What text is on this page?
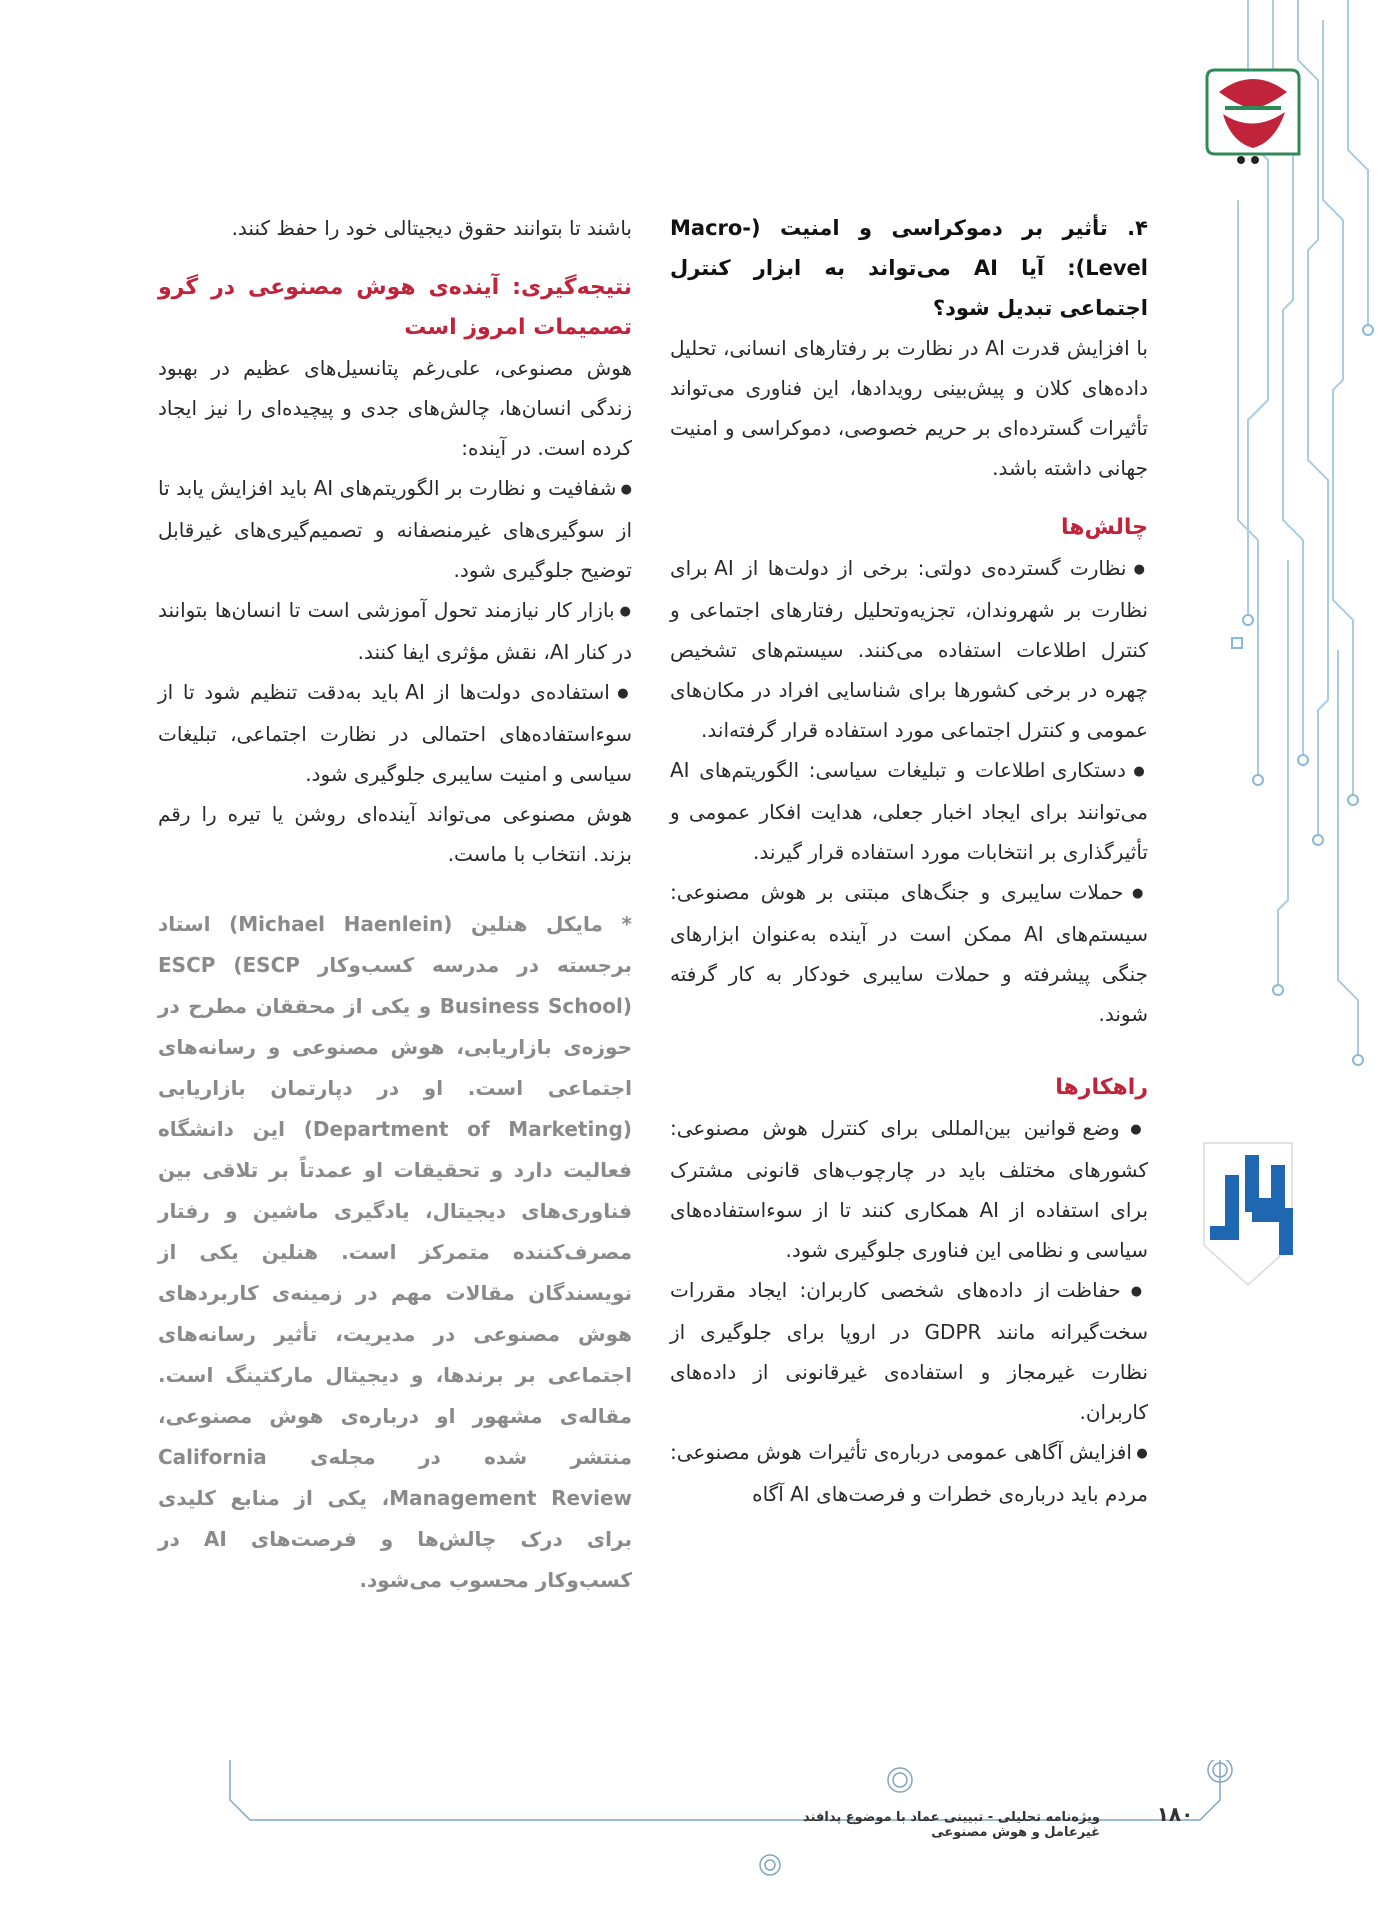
۴. تأثیر بر دموکراسی و امنیت (Macro-Level): آیا AI می‌تواند به ابزار کنترل اجتماعی تبدیل شود؟

با افزایش قدرت AI در نظارت بر رفتارهای انسانی، تحلیل داده‌های کلان و پیش‌بینی رویدادها، این فناوری می‌تواند تأثیرات گسترده‌ای بر حریم خصوصی، دموکراسی و امنیت جهانی داشته باشد.

چالش‌ها

● نظارت گسترده‌ی دولتی: برخی از دولت‌ها از AI برای نظارت بر شهروندان، تجزیه‌و‌تحلیل رفتارهای اجتماعی و کنترل اطلاعات استفاده می‌کنند. سیستم‌های تشخیص چهره در برخی کشورها برای شناسایی افراد در مکان‌های عمومی و کنترل اجتماعی مورد استفاده قرار گرفته‌اند.

● دستکاری اطلاعات و تبلیغات سیاسی: الگوریتم‌های AI می‌توانند برای ایجاد اخبار جعلی، هدایت افکار عمومی و تأثیرگذاری بر انتخابات مورد استفاده قرار گیرند.

● حملات سایبری و جنگ‌های مبتنی بر هوش مصنوعی: سیستم‌های AI ممکن است در آینده به‌عنوان ابزارهای جنگی پیشرفته و حملات سایبری خودکار به کار گرفته شوند.

راهکارها

● وضع قوانین بین‌المللی برای کنترل هوش مصنوعی: کشورهای مختلف باید در چارچوب‌های قانونی مشترک برای استفاده از AI همکاری کنند تا از سوءاستفاده‌های سیاسی و نظامی این فناوری جلوگیری شود.

● حفاظت از داده‌های شخصی کاربران: ایجاد مقررات سخت‌گیرانه مانند GDPR در اروپا برای جلوگیری از نظارت غیرمجاز و استفاده‌ی غیرقانونی از داده‌های کاربران.

● افزایش آگاهی عمومی درباره‌ی تأثیرات هوش مصنوعی: مردم باید درباره‌ی خطرات و فرصت‌های AI آگاه

باشند تا بتوانند حقوق دیجیتالی خود را حفظ کنند.

نتیجه‌گیری: آینده‌ی هوش مصنوعی در گرو تصمیمات امروز است

هوش مصنوعی، علی‌رغم پتانسیل‌های عظیم در بهبود زندگی انسان‌ها، چالش‌های جدی و پیچیده‌ای را نیز ایجاد کرده است. در آینده:

● شفافیت و نظارت بر الگوریتم‌های AI باید افزایش یابد تا از سوگیری‌های غیرمنصفانه و تصمیم‌گیری‌های غیرقابل توضیح جلوگیری شود.

● بازار کار نیازمند تحول آموزشی است تا انسان‌ها بتوانند در کنار AI، نقش مؤثری ایفا کنند.

● استفاده‌ی دولت‌ها از AI باید به‌دقت تنظیم شود تا از سوءاستفاده‌های احتمالی در نظارت اجتماعی، تبلیغات سیاسی و امنیت سایبری جلوگیری شود.

هوش مصنوعی می‌تواند آینده‌ای روشن یا تیره را رقم بزند. انتخاب با ماست.

* مایکل هنلین (Michael Haenlein) استاد برجسته در مدرسه کسب‌وکار ESCP (ESCP Business School) و یکی از محققان مطرح در حوزه‌ی بازاریابی، هوش مصنوعی و رسانه‌های اجتماعی است. او در دپارتمان بازاریابی (Department of Marketing) این دانشگاه فعالیت دارد و تحقیقات او عمدتاً بر تلاقی بین فناوری‌های دیجیتال، یادگیری ماشین و رفتار مصرف‌کننده متمرکز است. هنلین یکی از نویسندگان مقالات مهم در زمینه‌ی کاربردهای هوش مصنوعی در مدیریت، تأثیر رسانه‌های اجتماعی بر برندها، و دیجیتال مارکتینگ است. مقاله‌ی مشهور او درباره‌ی هوش مصنوعی، منتشر شده در مجله‌ی California Management Review، یکی از منابع کلیدی برای درک چالش‌ها و فرصت‌های AI در کسب‌وکار محسوب می‌شود.

ویژه‌نامه تحلیلی - تبیینی عماد با موضوع پدافند غیرعامل و هوش مصنوعی
۱۸۰
